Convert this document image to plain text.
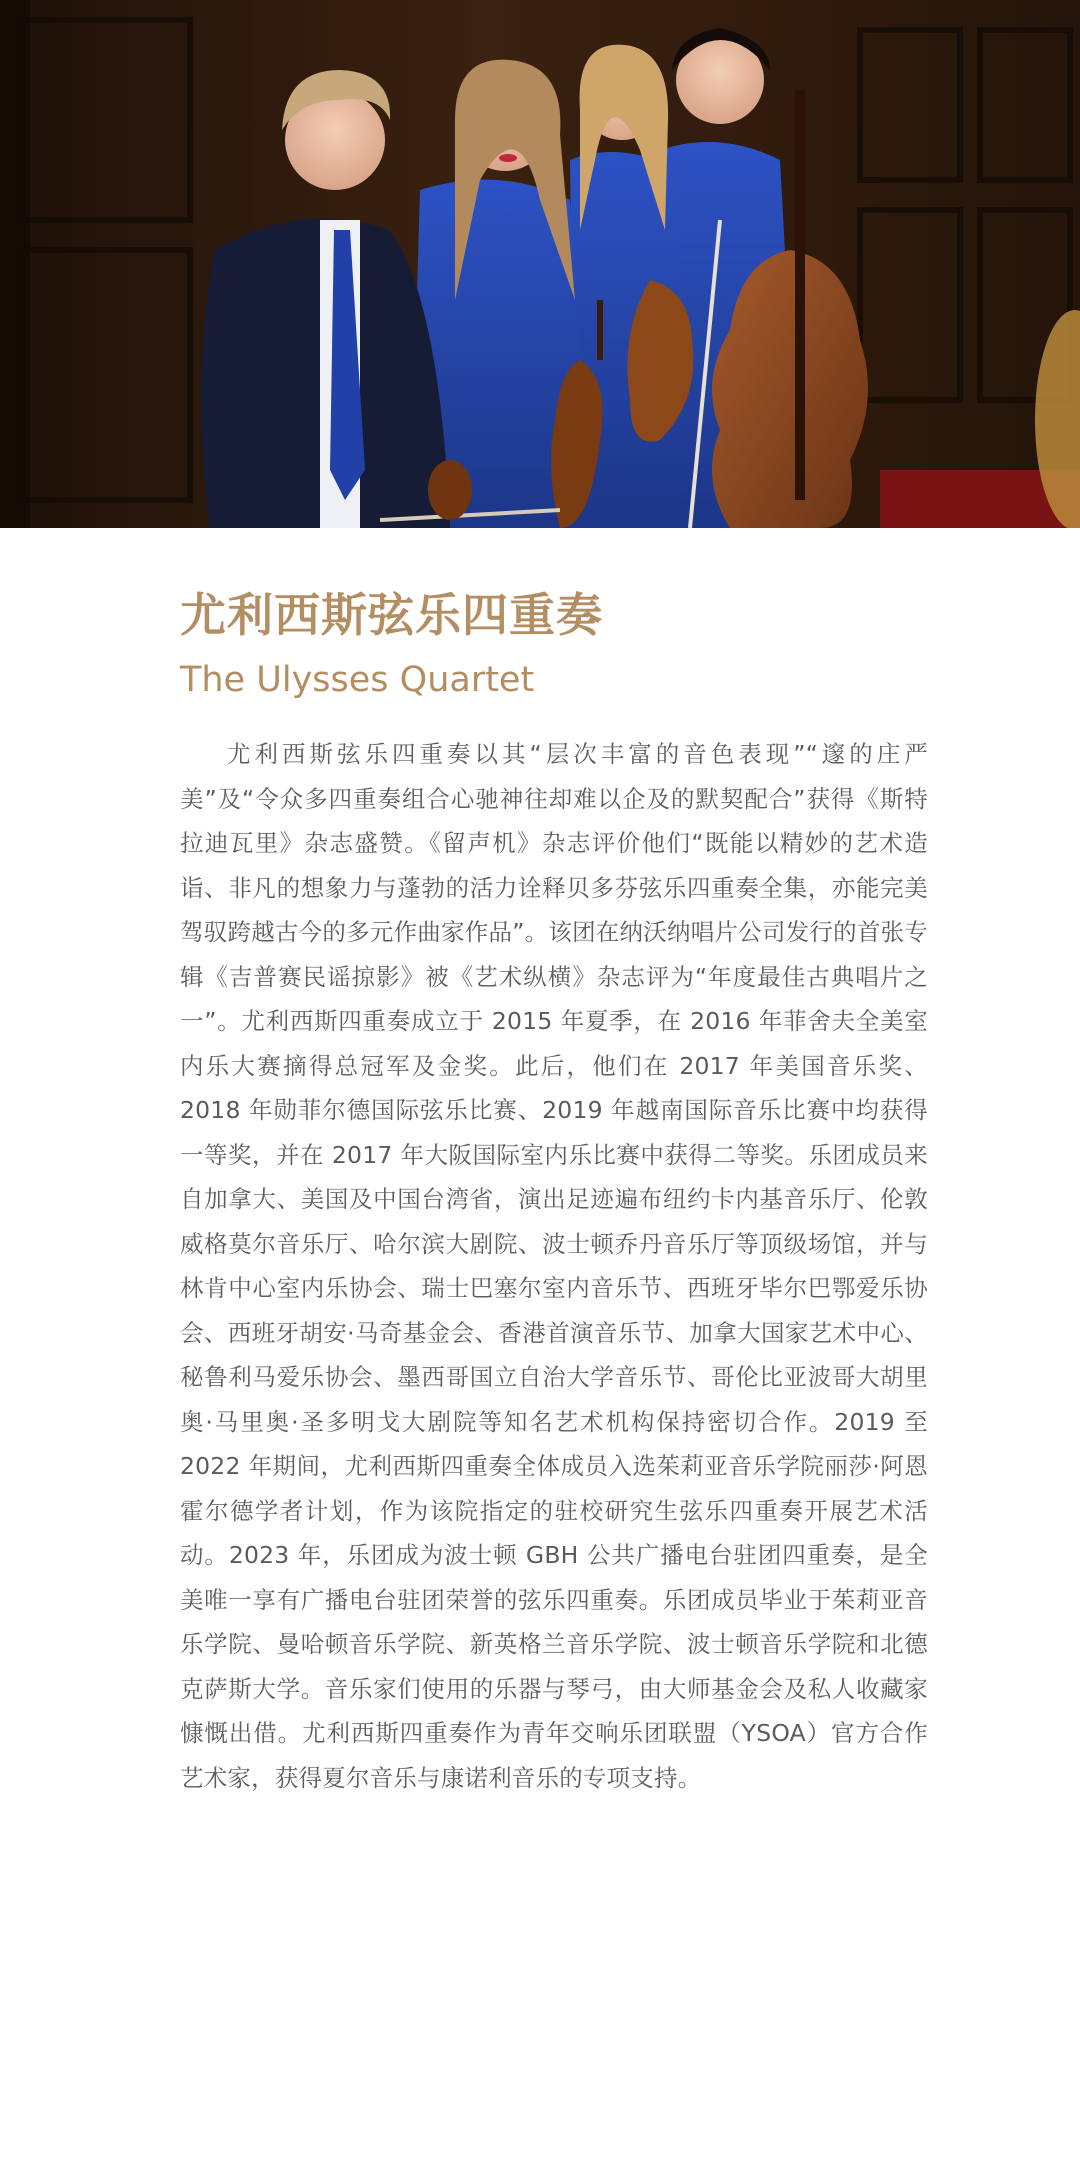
尤利西斯弦乐四重奏
The Ulysses Quartet

尤利西斯弦乐四重奏以其“层次丰富的音色表现”“邃的庄严美”及“令众多四重奏组合心驰神往却难以企及的默契配合”获得《斯特拉迪瓦里》杂志盛赞。《留声机》杂志评价他们“既能以精妙的艺术造诣、非凡的想象力与蓬勃的活力诠释贝多芬弦乐四重奏全集，亦能完美驾驭跨越古今的多元作曲家作品”。该团在纳沃纳唱片公司发行的首张专辑《吉普赛民谣掠影》被《艺术纵横》杂志评为“年度最佳古典唱片之一”。尤利西斯四重奏成立于 2015 年夏季，在 2016 年菲舍夫全美室内乐大赛摘得总冠军及金奖。此后，他们在 2017 年美国音乐奖、2018 年勋菲尔德国际弦乐比赛、2019 年越南国际音乐比赛中均获得一等奖，并在 2017 年大阪国际室内乐比赛中获得二等奖。乐团成员来自加拿大、美国及中国台湾省，演出足迹遍布纽约卡内基音乐厅、伦敦威格莫尔音乐厅、哈尔滨大剧院、波士顿乔丹音乐厅等顶级场馆，并与林肯中心室内乐协会、瑞士巴塞尔室内音乐节、西班牙毕尔巴鄂爱乐协会、西班牙胡安·马奇基金会、香港首演音乐节、加拿大国家艺术中心、秘鲁利马爱乐协会、墨西哥国立自治大学音乐节、哥伦比亚波哥大胡里奥·马里奥·圣多明戈大剧院等知名艺术机构保持密切合作。2019 至 2022 年期间，尤利西斯四重奏全体成员入选茱莉亚音乐学院丽莎·阿恩霍尔德学者计划，作为该院指定的驻校研究生弦乐四重奏开展艺术活动。2023 年，乐团成为波士顿 GBH 公共广播电台驻团四重奏，是全美唯一享有广播电台驻团荣誉的弦乐四重奏。乐团成员毕业于茱莉亚音乐学院、曼哈顿音乐学院、新英格兰音乐学院、波士顿音乐学院和北德克萨斯大学。音乐家们使用的乐器与琴弓，由大师基金会及私人收藏家慷慨出借。尤利西斯四重奏作为青年交响乐团联盟（YSOA）官方合作艺术家，获得夏尔音乐与康诺利音乐的专项支持。
